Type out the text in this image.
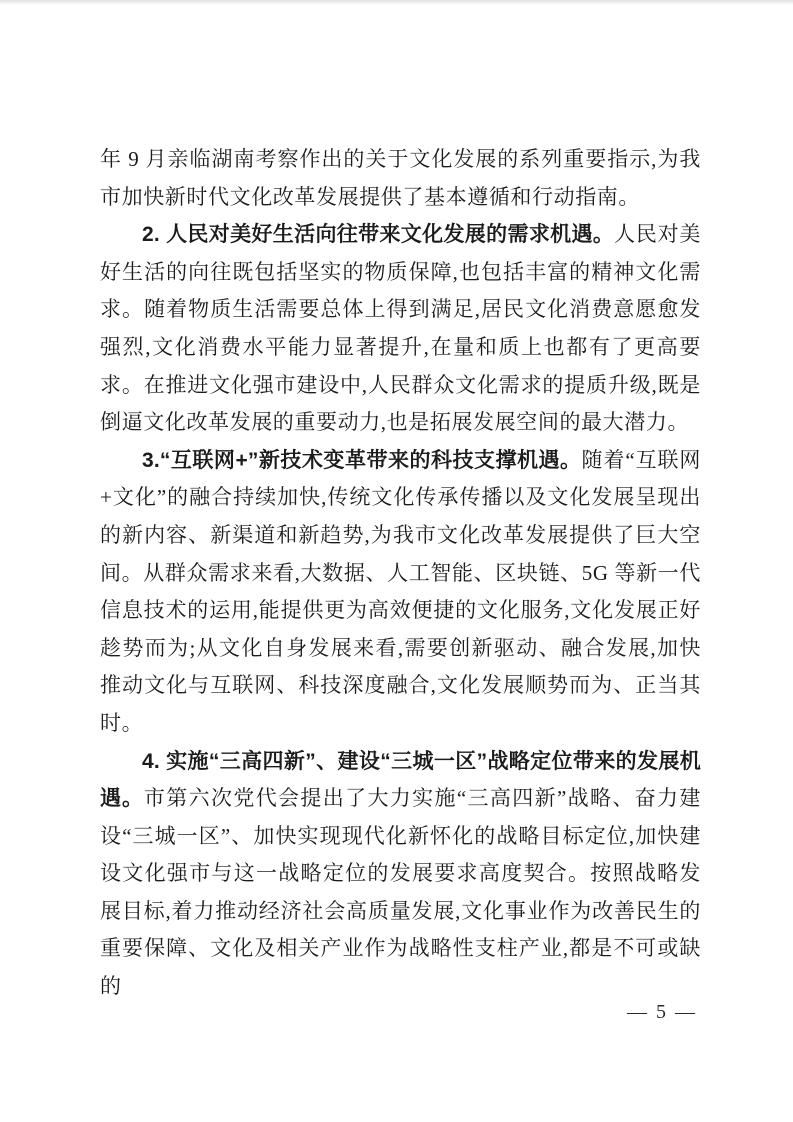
年 9 月亲临湖南考察作出的关于文化发展的系列重要指示,为我市加快新时代文化改革发展提供了基本遵循和行动指南。

2. 人民对美好生活向往带来文化发展的需求机遇。人民对美好生活的向往既包括坚实的物质保障,也包括丰富的精神文化需求。随着物质生活需要总体上得到满足,居民文化消费意愿愈发强烈,文化消费水平能力显著提升,在量和质上也都有了更高要求。在推进文化强市建设中,人民群众文化需求的提质升级,既是倒逼文化改革发展的重要动力,也是拓展发展空间的最大潜力。

3.“互联网+”新技术变革带来的科技支撑机遇。随着“互联网+文化”的融合持续加快,传统文化传承传播以及文化发展呈现出的新内容、新渠道和新趋势,为我市文化改革发展提供了巨大空间。从群众需求来看,大数据、人工智能、区块链、5G 等新一代信息技术的运用,能提供更为高效便捷的文化服务,文化发展正好趁势而为;从文化自身发展来看,需要创新驱动、融合发展,加快推动文化与互联网、科技深度融合,文化发展顺势而为、正当其时。

4. 实施“三高四新”、建设“三城一区”战略定位带来的发展机遇。市第六次党代会提出了大力实施“三高四新”战略、奋力建设“三城一区”、加快实现现代化新怀化的战略目标定位,加快建设文化强市与这一战略定位的发展要求高度契合。按照战略发展目标,着力推动经济社会高质量发展,文化事业作为改善民生的重要保障、文化及相关产业作为战略性支柱产业,都是不可或缺的

— 5 —
